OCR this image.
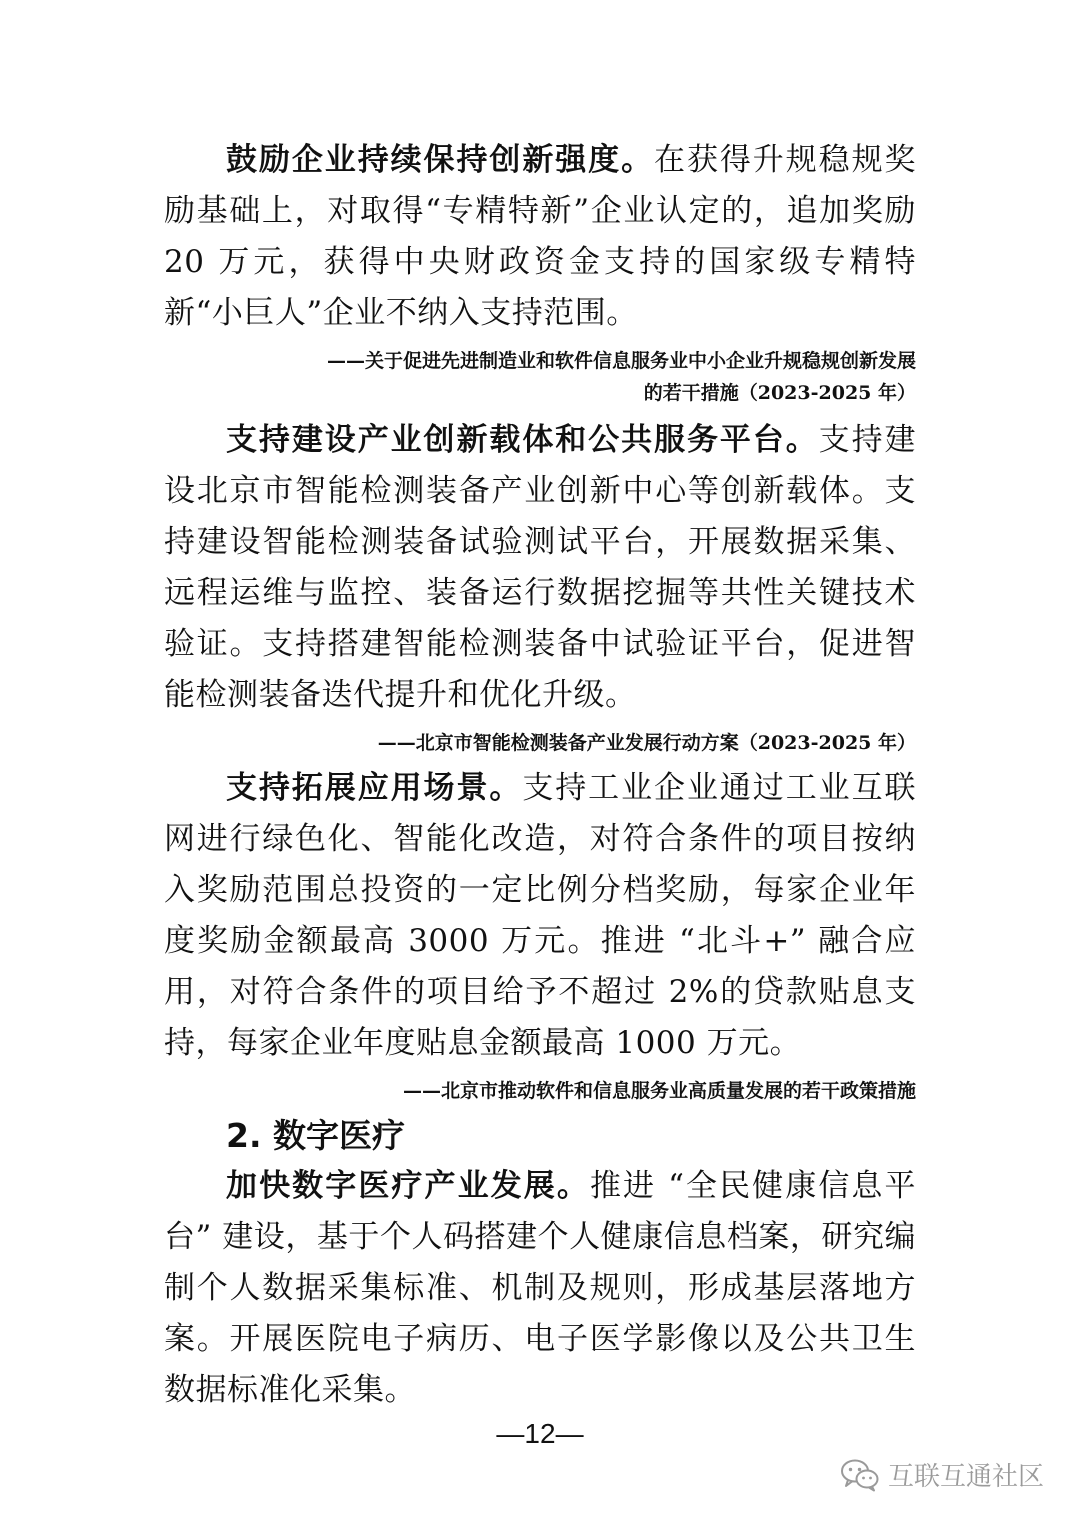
鼓励企业持续保持创新强度。在获得升规稳规奖励基础上，对取得“专精特新”企业认定的，追加奖励 20 万元，获得中央财政资金支持的国家级专精特新“小巨人”企业不纳入支持范围。

——关于促进先进制造业和软件信息服务业中小企业升规稳规创新发展

的若干措施（2023-2025 年）

支持建设产业创新载体和公共服务平台。支持建设北京市智能检测装备产业创新中心等创新载体。支持建设智能检测装备试验测试平台，开展数据采集、远程运维与监控、装备运行数据挖掘等共性关键技术验证。支持搭建智能检测装备中试验证平台，促进智能检测装备迭代提升和优化升级。

——北京市智能检测装备产业发展行动方案（2023-2025 年）

支持拓展应用场景。支持工业企业通过工业互联网进行绿色化、智能化改造，对符合条件的项目按纳入奖励范围总投资的一定比例分档奖励，每家企业年度奖励金额最高 3000 万元。推进 “北斗+” 融合应用，对符合条件的项目给予不超过 2%的贷款贴息支持，每家企业年度贴息金额最高 1000 万元。

——北京市推动软件和信息服务业高质量发展的若干政策措施

2. 数字医疗

加快数字医疗产业发展。推进 “全民健康信息平台” 建设，基于个人码搭建个人健康信息档案，研究编制个人数据采集标准、机制及规则，形成基层落地方案。开展医院电子病历、电子医学影像以及公共卫生数据标准化采集。

—12—
互联互通社区
